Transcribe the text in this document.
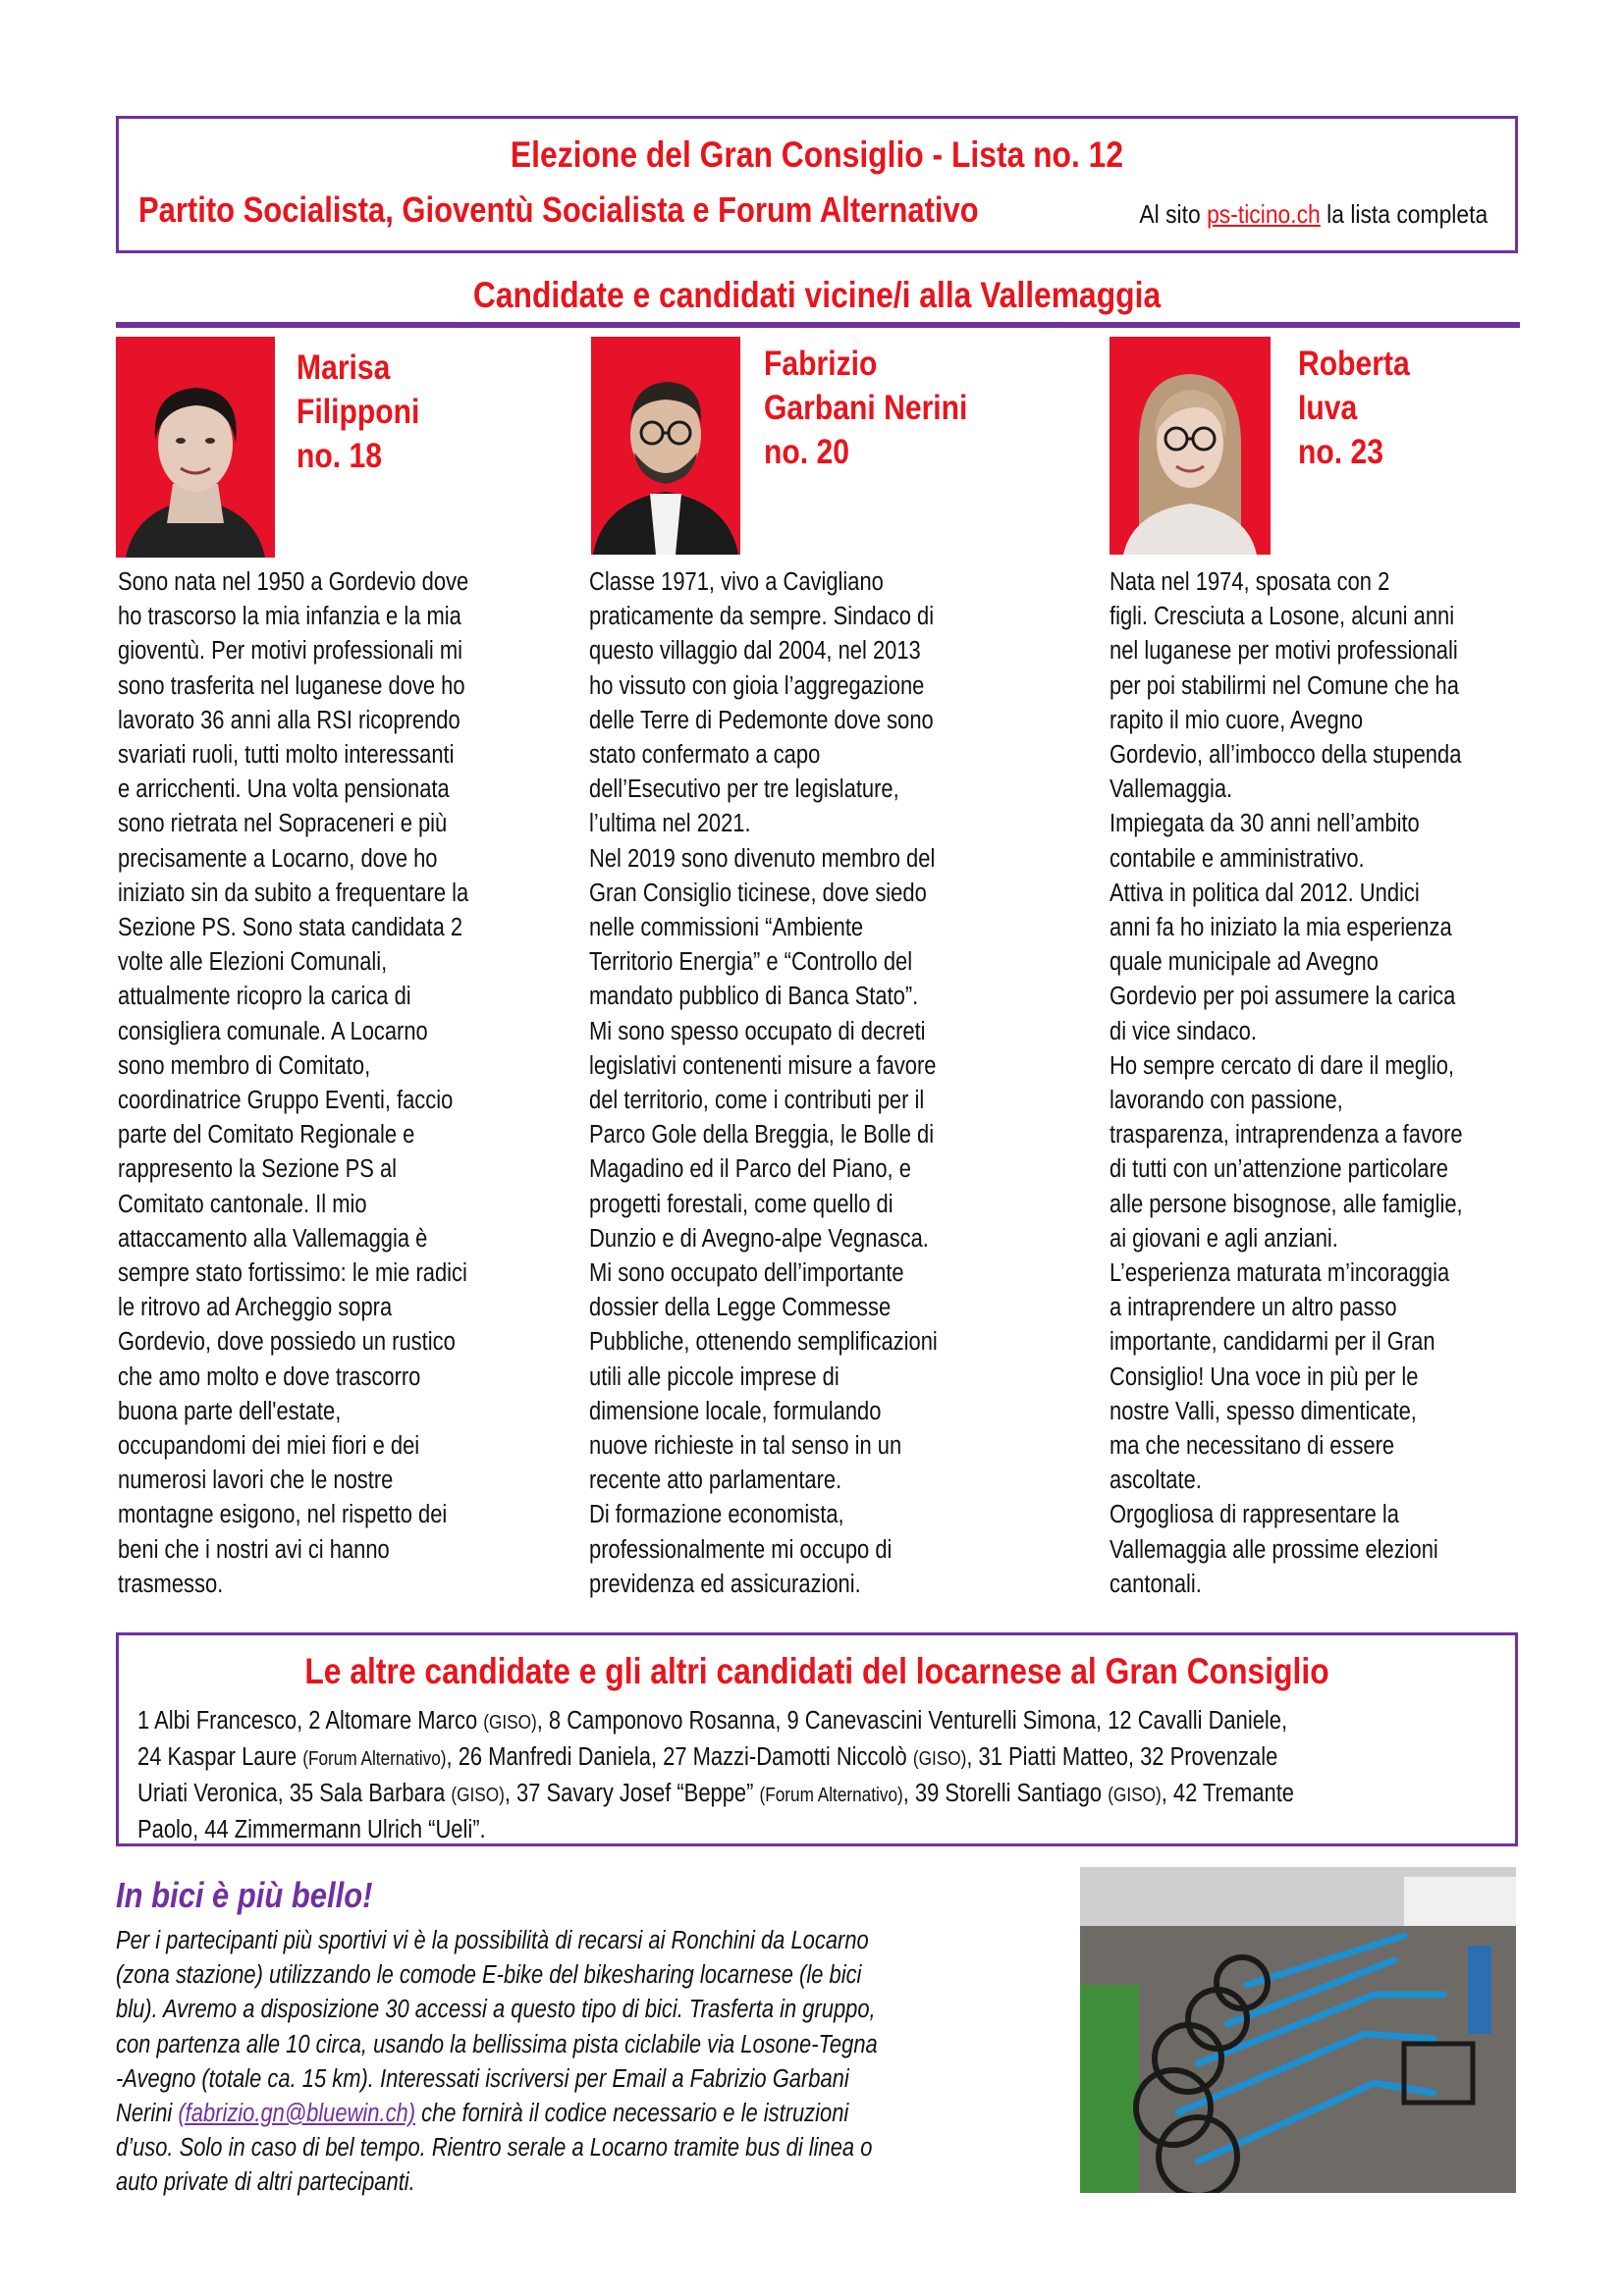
Elezione del Gran Consiglio - Lista no. 12
Partito Socialista, Gioventù Socialista e Forum Alternativo	Al sito ps-ticino.ch la lista completa
Candidate e candidati vicine/i alla Vallemaggia
Marisa
Filipponi
no. 18

Sono nata nel 1950 a Gordevio dove

ho trascorso la mia infanzia e la mia

gioventù. Per motivi professionali mi

sono trasferita nel luganese dove ho

lavorato 36 anni alla RSI ricoprendo

svariati ruoli, tutti molto interessanti

e arricchenti. Una volta pensionata

sono rietrata nel Sopraceneri e più

precisamente a Locarno, dove ho

iniziato sin da subito a frequentare la

Sezione PS. Sono stata candidata 2

volte alle Elezioni Comunali,

attualmente ricopro la carica di

consigliera comunale. A Locarno

sono membro di Comitato,

coordinatrice Gruppo Eventi, faccio

parte del Comitato Regionale e

rappresento la Sezione PS al

Comitato cantonale. Il mio

attaccamento alla Vallemaggia è

sempre stato fortissimo: le mie radici

le ritrovo ad Archeggio sopra

Gordevio, dove possiedo un rustico

che amo molto e dove trascorro

buona parte dell'estate,

occupandomi dei miei fiori e dei

numerosi lavori che le nostre

montagne esigono, nel rispetto dei

beni che i nostri avi ci hanno

trasmesso.

Fabrizio
Garbani Nerini
no. 20

Classe 1971, vivo a Cavigliano

praticamente da sempre. Sindaco di

questo villaggio dal 2004, nel 2013

ho vissuto con gioia l’aggregazione

delle Terre di Pedemonte dove sono

stato confermato a capo

dell’Esecutivo per tre legislature,

l’ultima nel 2021.

Nel 2019 sono divenuto membro del

Gran Consiglio ticinese, dove siedo

nelle commissioni “Ambiente

Territorio Energia” e “Controllo del

mandato pubblico di Banca Stato”.

Mi sono spesso occupato di decreti

legislativi contenenti misure a favore

del territorio, come i contributi per il

Parco Gole della Breggia, le Bolle di

Magadino ed il Parco del Piano, e

progetti forestali, come quello di

Dunzio e di Avegno-alpe Vegnasca.

Mi sono occupato dell’importante

dossier della Legge Commesse

Pubbliche, ottenendo semplificazioni

utili alle piccole imprese di

dimensione locale, formulando

nuove richieste in tal senso in un

recente atto parlamentare.

Di formazione economista,

professionalmente mi occupo di

previdenza ed assicurazioni.

Roberta
Iuva
no. 23

Nata nel 1974, sposata con 2

figli. Cresciuta a Losone, alcuni anni

nel luganese per motivi professionali

per poi stabilirmi nel Comune che ha

rapito il mio cuore, Avegno

Gordevio, all’imbocco della stupenda

Vallemaggia.

Impiegata da 30 anni nell’ambito

contabile e amministrativo.

Attiva in politica dal 2012. Undici

anni fa ho iniziato la mia esperienza

quale municipale ad Avegno

Gordevio per poi assumere la carica

di vice sindaco.

Ho sempre cercato di dare il meglio,

lavorando con passione,

trasparenza, intraprendenza a favore

di tutti con un’attenzione particolare

alle persone bisognose, alle famiglie,

ai giovani e agli anziani.

L’esperienza maturata m’incoraggia

a intraprendere un altro passo

importante, candidarmi per il Gran

Consiglio! Una voce in più per le

nostre Valli, spesso dimenticate,

ma che necessitano di essere

ascoltate.

Orgogliosa di rappresentare la

Vallemaggia alle prossime elezioni

cantonali.

Le altre candidate e gli altri candidati del locarnese al Gran Consiglio

1 Albi Francesco, 2 Altomare Marco (GISO), 8 Camponovo Rosanna, 9 Canevascini Venturelli Simona, 12 Cavalli Daniele,

24 Kaspar Laure (Forum Alternativo), 26 Manfredi Daniela, 27 Mazzi-Damotti Niccolò (GISO), 31 Piatti Matteo, 32 Provenzale

Uriati Veronica, 35 Sala Barbara (GISO), 37 Savary Josef “Beppe” (Forum Alternativo), 39 Storelli Santiago (GISO), 42 Tremante

Paolo, 44 Zimmermann Ulrich “Ueli”.

In bici è più bello!

Per i partecipanti più sportivi vi è la possibilità di recarsi ai Ronchini da Locarno

(zona stazione) utilizzando le comode E-bike del bikesharing locarnese (le bici

blu). Avremo a disposizione 30 accessi a questo tipo di bici. Trasferta in gruppo,

con partenza alle 10 circa, usando la bellissima pista ciclabile via Losone-Tegna

-Avegno (totale ca. 15 km). Interessati iscriversi per Email a Fabrizio Garbani

Nerini (fabrizio.gn@bluewin.ch) che fornirà il codice necessario e le istruzioni

d’uso. Solo in caso di bel tempo. Rientro serale a Locarno tramite bus di linea o

auto private di altri partecipanti.
